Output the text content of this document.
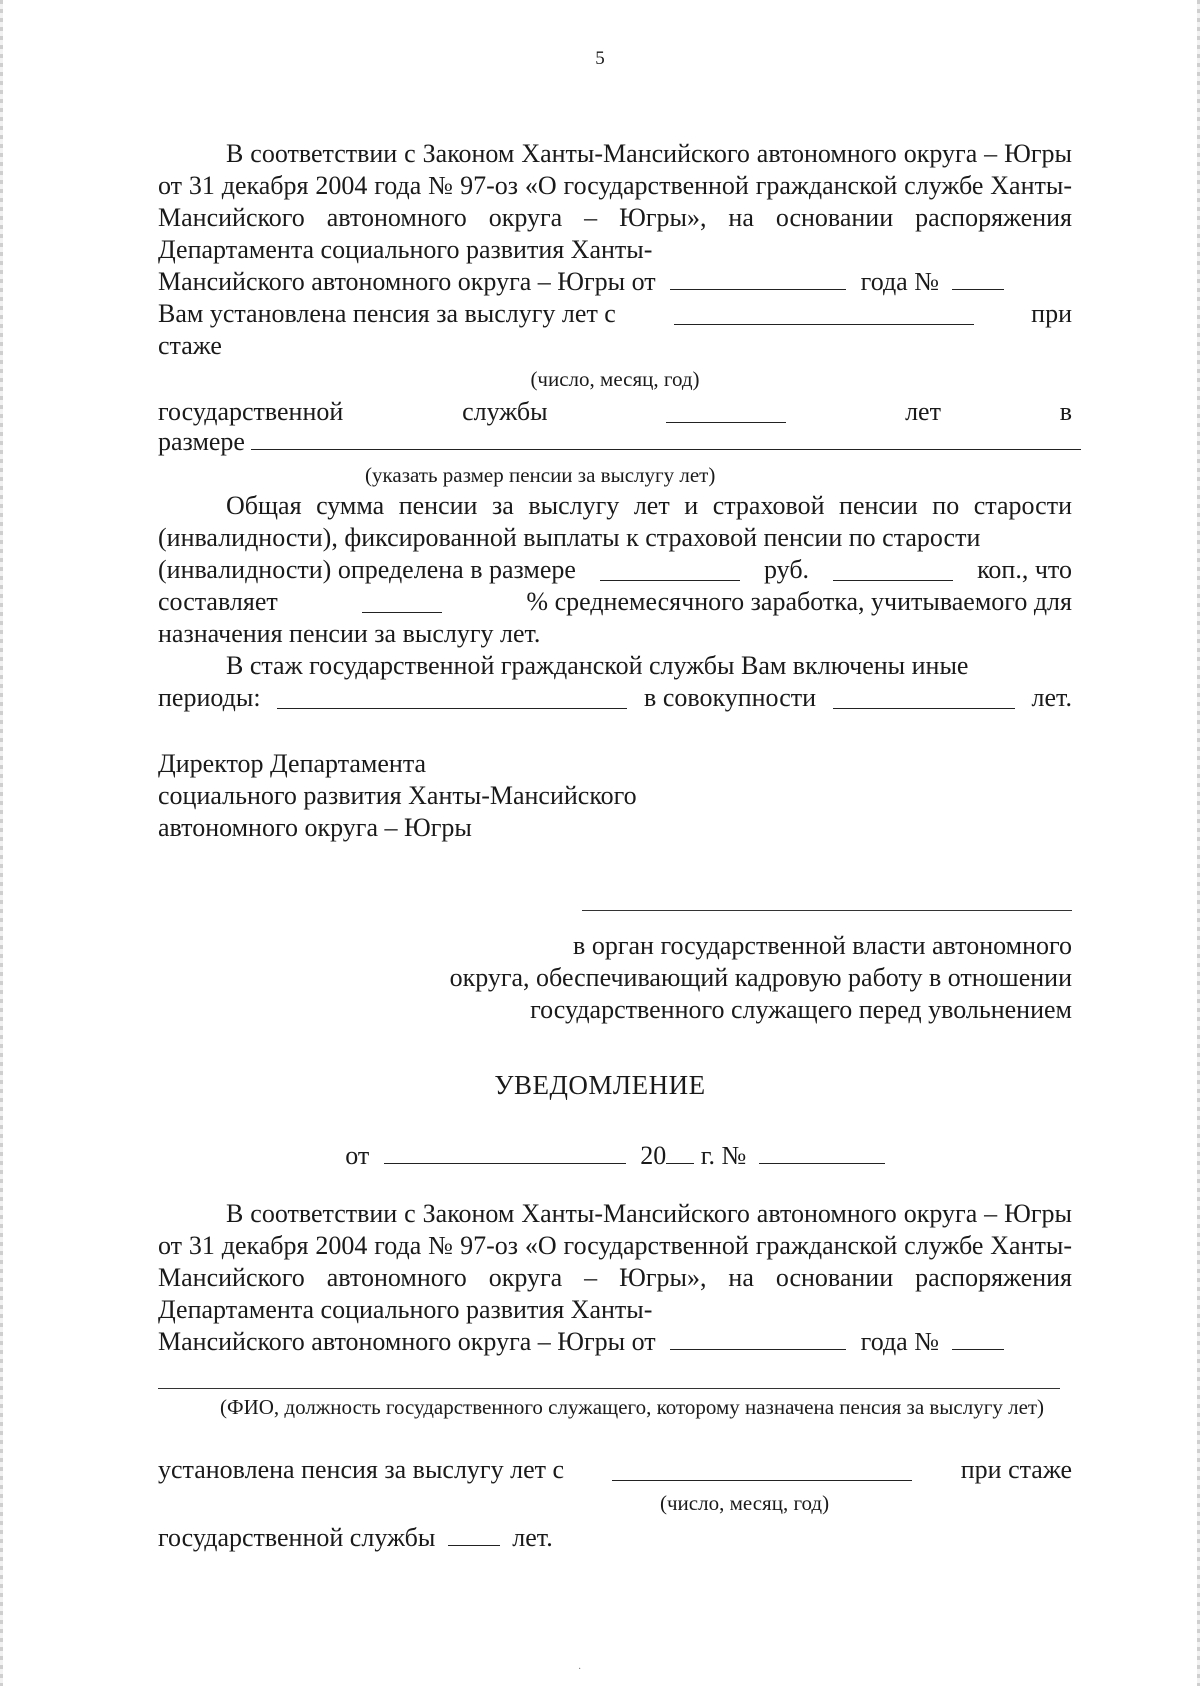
5

В соответствии с Законом Ханты-Мансийского автономного округа – Югры от 31 декабря 2004 года № 97-оз «О государственной гражданской службе Ханты-Мансийского автономного округа – Югры», на основании распоряжения Департамента социального развития Ханты-

Мансийского автономного округа – Югры от	года №
Вам установлена пенсия за выслугу лет с	при
стаже
(число, месяц, год)
государственной	службы	лет	в
размере
(указать размер пенсии за выслугу лет)

Общая сумма пенсии за выслугу лет и страховой пенсии по старости (инвалидности), фиксированной выплаты к страховой пенсии по старости

(инвалидности) определена в размере	руб.	коп., что
составляет	% среднемесячного заработка, учитываемого для
назначения пенсии за выслугу лет.
В стаж государственной гражданской службы Вам включены иные
периоды:	в совокупности	лет.
Директор Департамента
социального развития Ханты-Мансийского
автономного округа – Югры
в орган государственной власти автономного
округа, обеспечивающий кадровую работу в отношении
государственного служащего перед увольнением
УВЕДОМЛЕНИЕ
от	20 г. №

В соответствии с Законом Ханты-Мансийского автономного округа – Югры от 31 декабря 2004 года № 97-оз «О государственной гражданской службе Ханты-Мансийского автономного округа – Югры», на основании распоряжения Департамента социального развития Ханты-

Мансийского автономного округа – Югры от	года №
(ФИО, должность государственного служащего, которому назначена пенсия за выслугу лет)
установлена пенсия за выслугу лет с	при стаже
(число, месяц, год)
государственной службы	лет.
·
